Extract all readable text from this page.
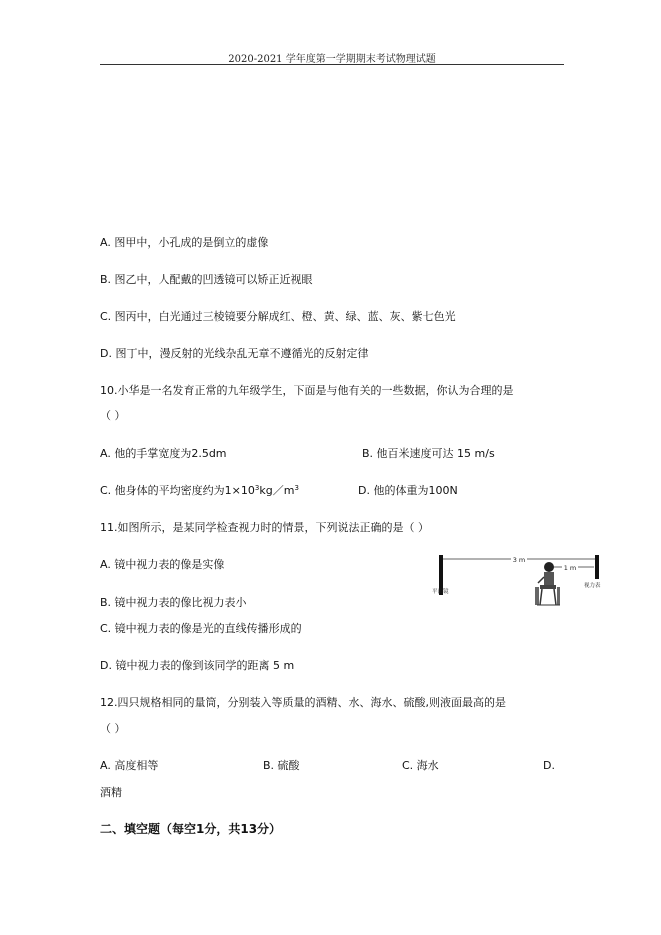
2020-2021 学年度第一学期期末考试物理试题
A. 图甲中，小孔成的是倒立的虚像
B. 图乙中，人配戴的凹透镜可以矫正近视眼
C. 图丙中，白光通过三棱镜要分解成红、橙、黄、绿、蓝、灰、紫七色光
D. 图丁中，漫反射的光线杂乱无章不遵循光的反射定律
10.小华是一名发育正常的九年级学生，下面是与他有关的一些数据，你认为合理的是
（ ）
A. 他的手掌宽度为2.5dm	B. 他百米速度可达 15 m/s
C. 他身体的平均密度约为$1\times 10^3kg/m^3$	D. 他的体重为100N
11.如图所示，是某同学检查视力时的情景，下列说法正确的是（ ）
A. 镜中视力表的像是实像
B. 镜中视力表的像比视力表小
C. 镜中视力表的像是光的直线传播形成的
D. 镜中视力表的像到该同学的距离 5 m
3 m
1 m
平面镜
视力表
12.四只规格相同的量筒，分别装入等质量的酒精、水、海水、硫酸,则液面最高的是
（ ）
A. 高度相等	B. 硫酸	C. 海水	D.
酒精
二、填空题（每空1分，共13分）
